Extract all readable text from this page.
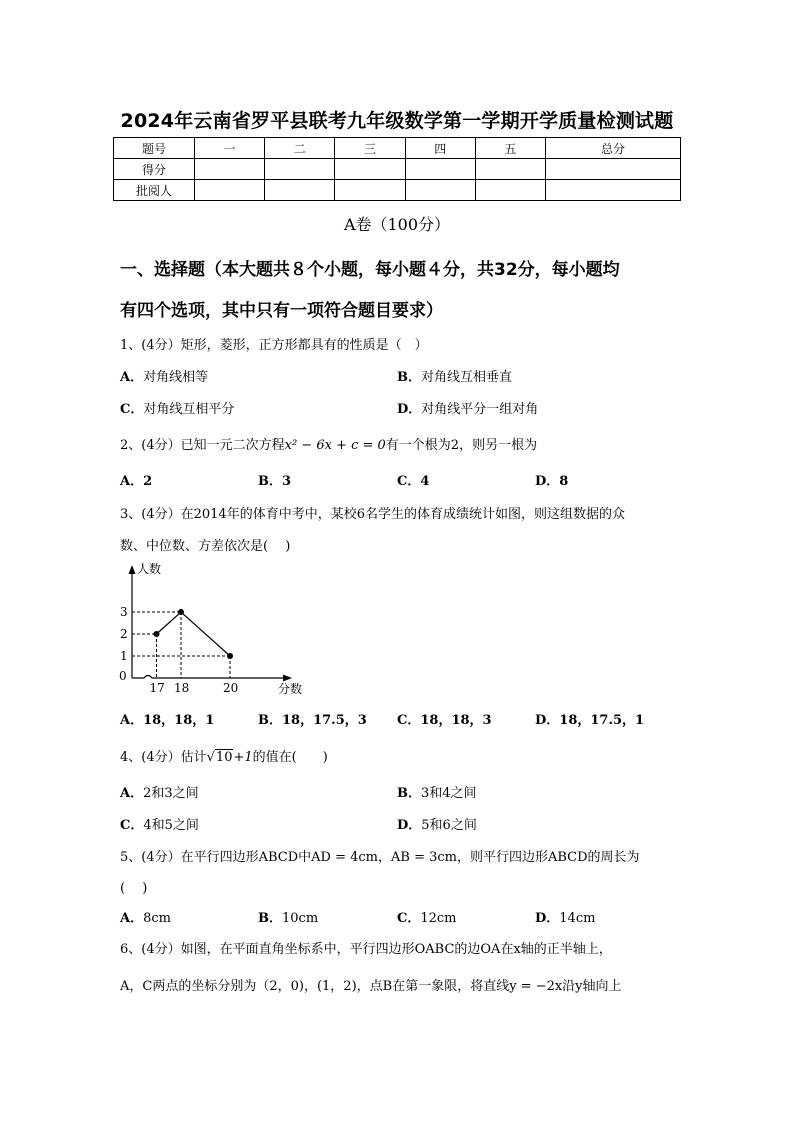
2024年云南省罗平县联考九年级数学第一学期开学质量检测试题
题号	一	二	三	四	五	总分
得分						
批阅人						
A卷（100分）
一、选择题（本大题共８个小题，每小题４分，共32分，每小题均
有四个选项，其中只有一项符合题目要求）
1、(4分）矩形，菱形，正方形都具有的性质是（　）
A．对角线相等	B．对角线互相垂直
C．对角线互相平分	D．对角线平分一组对角
2、(4分）已知一元二次方程x² − 6x + c = 0有一个根为2，则另一根为
A．2	B．3	C．4	D．8
3、(4分）在2014年的体育中考中，某校6名学生的体育成绩统计如图，则这组数据的众
数、中位数、方差依次是(　 )
人数
分数
0
1
2
3
17 18	20
A．18，18，1	B．18，17.5，3 C．18，18，3	D．18，17.5，1
4、(4分）估计√10+1的值在(　　)
A．2和3之间	B．3和4之间
C．4和5之间	D．5和6之间
5、(4分）在平行四边形ABCD中AD = 4cm，AB = 3cm，则平行四边形ABCD的周长为
(　 )
A．8cm	B．10cm	C．12cm	D．14cm
6、(4分）如图，在平面直角坐标系中，平行四边形OABC的边OA在x轴的正半轴上，
A，C两点的坐标分别为（2，0)，(1，2)，点B在第一象限，将直线y = −2x沿y轴向上
